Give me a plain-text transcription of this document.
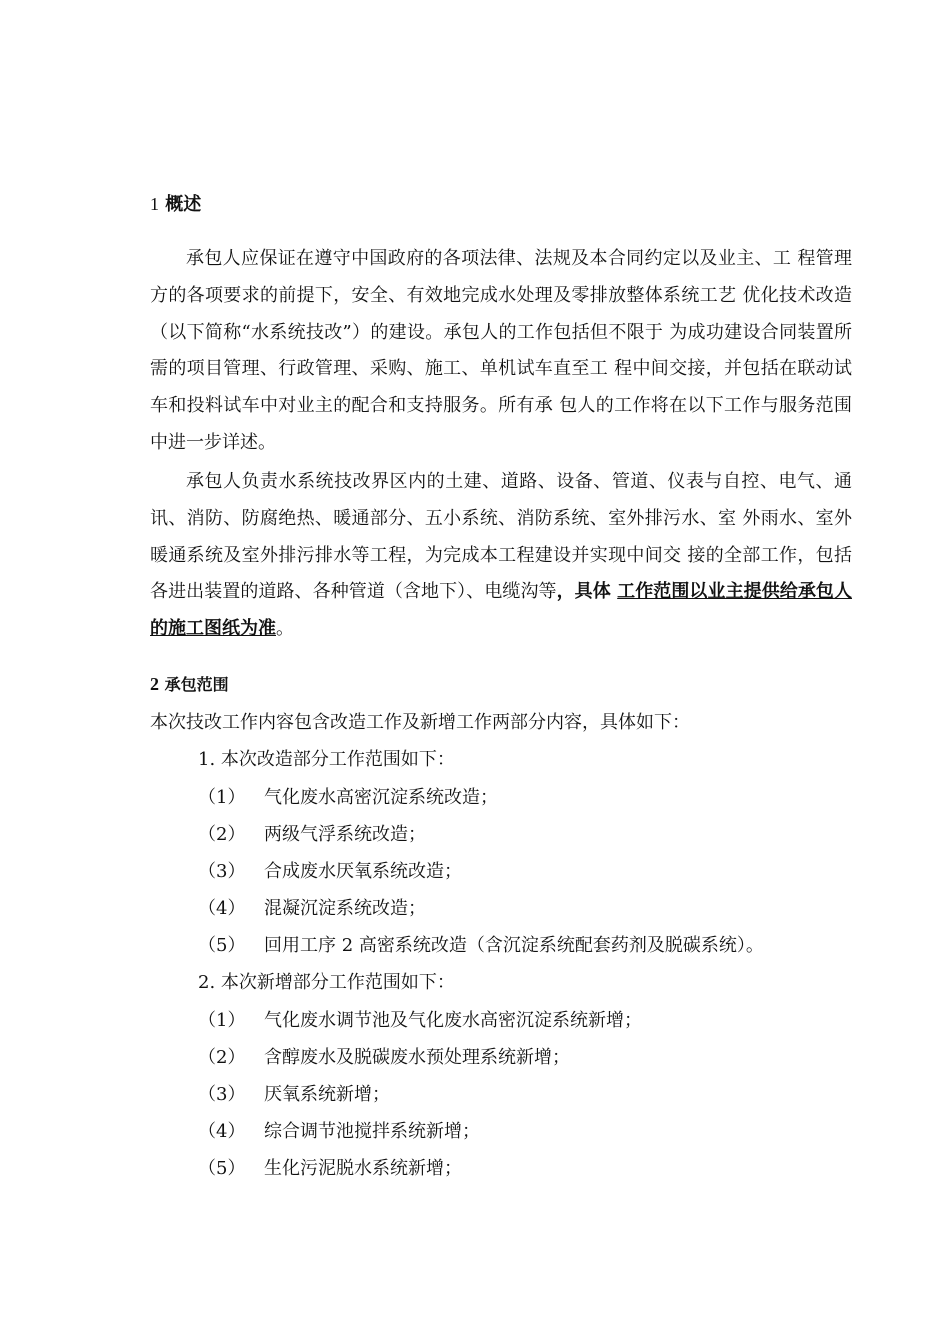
1 概述
承包人应保证在遵守中国政府的各项法律、法规及本合同约定以及业主、工 程管理方的各项要求的前提下，安全、有效地完成水处理及零排放整体系统工艺 优化技术改造（以下简称“水系统技改”）的建设。承包人的工作包括但不限于 为成功建设合同装置所需的项目管理、行政管理、采购、施工、单机试车直至工 程中间交接，并包括在联动试车和投料试车中对业主的配合和支持服务。所有承 包人的工作将在以下工作与服务范围中进一步详述。
承包人负责水系统技改界区内的土建、道路、设备、管道、仪表与自控、电气、通讯、消防、防腐绝热、暖通部分、五小系统、消防系统、室外排污水、室 外雨水、室外暖通系统及室外排污排水等工程，为完成本工程建设并实现中间交 接的全部工作，包括各进出装置的道路、各种管道（含地下）、电缆沟等，具体 工作范围以业主提供给承包人的施工图纸为准。
2 承包范围
本次技改工作内容包含改造工作及新增工作两部分内容，具体如下：
1. 本次改造部分工作范围如下：
（1） 气化废水高密沉淀系统改造；
（2） 两级气浮系统改造；
（3） 合成废水厌氧系统改造；
（4） 混凝沉淀系统改造；
（5） 回用工序 2 高密系统改造（含沉淀系统配套药剂及脱碳系统）。
2. 本次新增部分工作范围如下：
（1） 气化废水调节池及气化废水高密沉淀系统新增；
（2） 含醇废水及脱碳废水预处理系统新增；
（3） 厌氧系统新增；
（4） 综合调节池搅拌系统新增；
（5） 生化污泥脱水系统新增；
